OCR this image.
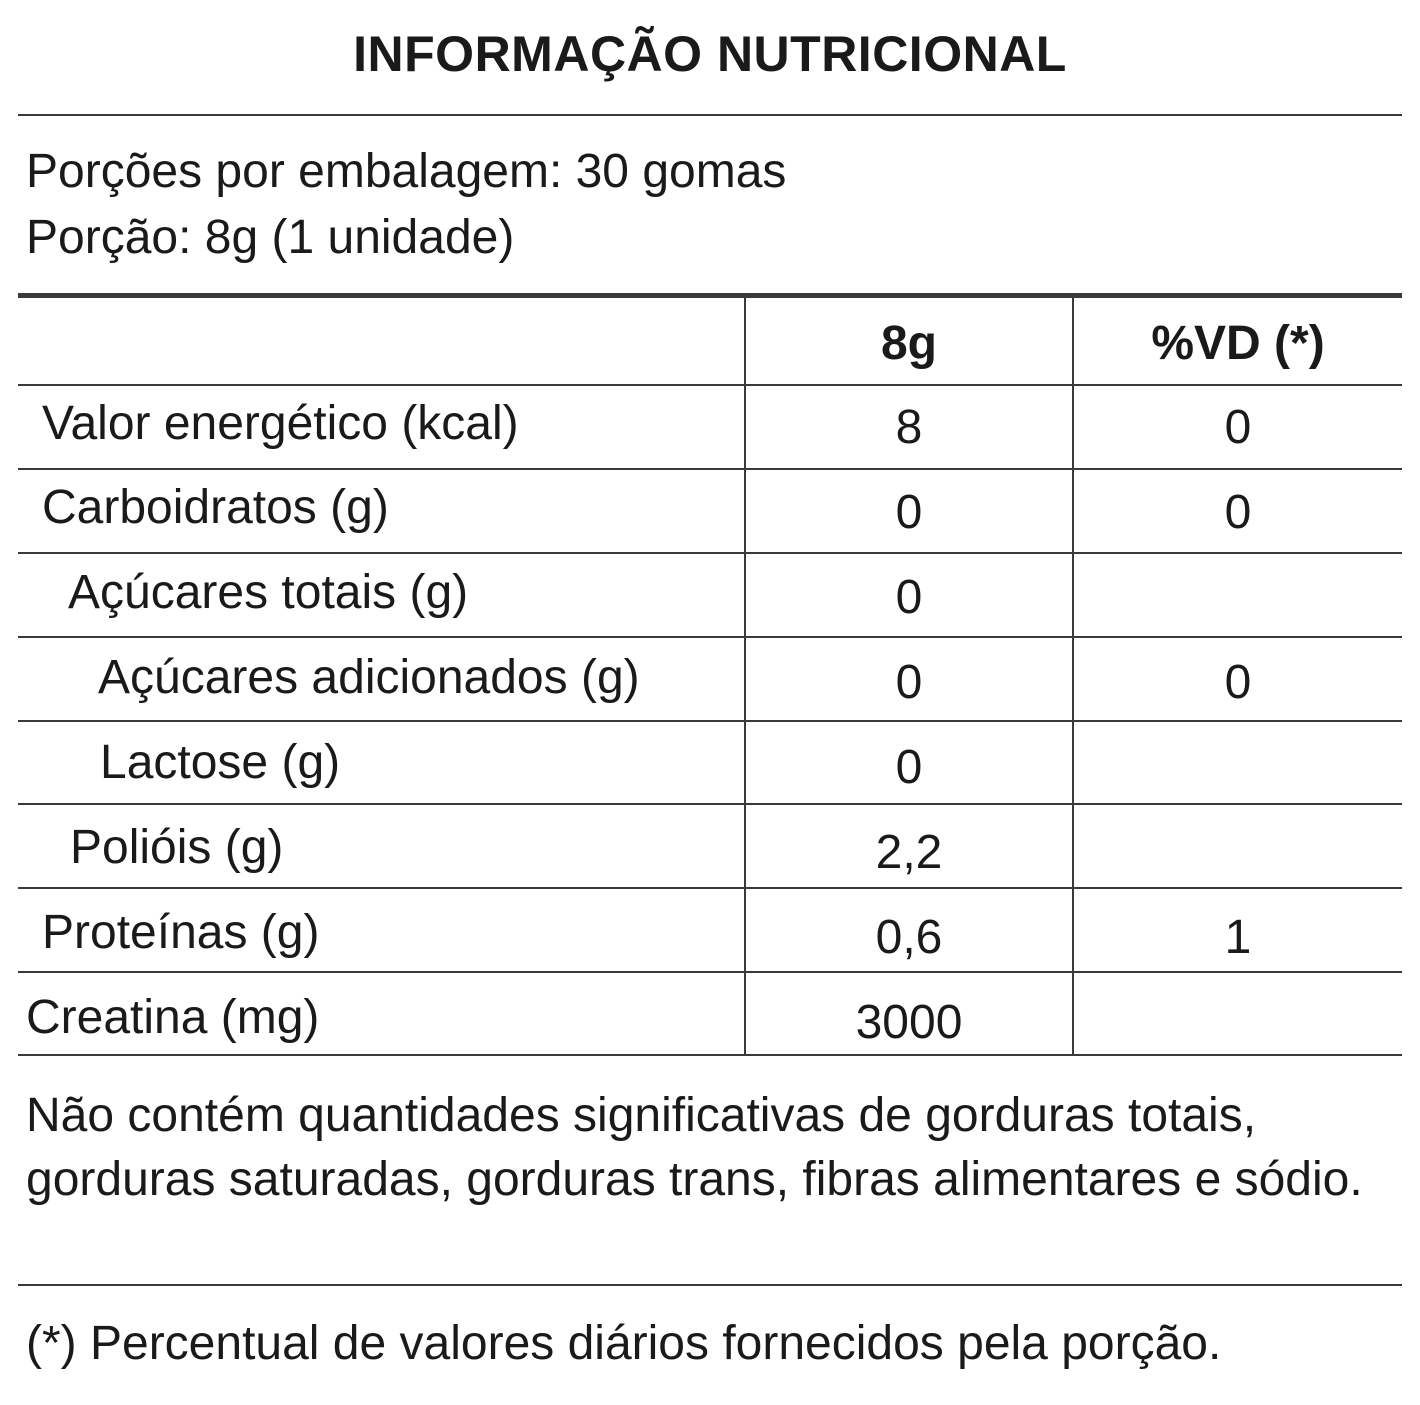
INFORMAÇÃO NUTRICIONAL
Porções por embalagem: 30 gomas
Porção: 8g (1 unidade)
8g	%VD (*)
Valor energético (kcal)	8	0
Carboidratos (g)	0	0
Açúcares totais (g)	0
Açúcares adicionados (g)	0	0
Lactose (g)	0
Polióis (g)	2,2
Proteínas (g)	0,6	1
Creatina (mg)	3000
Não contém quantidades significativas de gorduras totais, gorduras saturadas, gorduras trans, fibras alimentares e sódio.
(*) Percentual de valores diários fornecidos pela porção.
